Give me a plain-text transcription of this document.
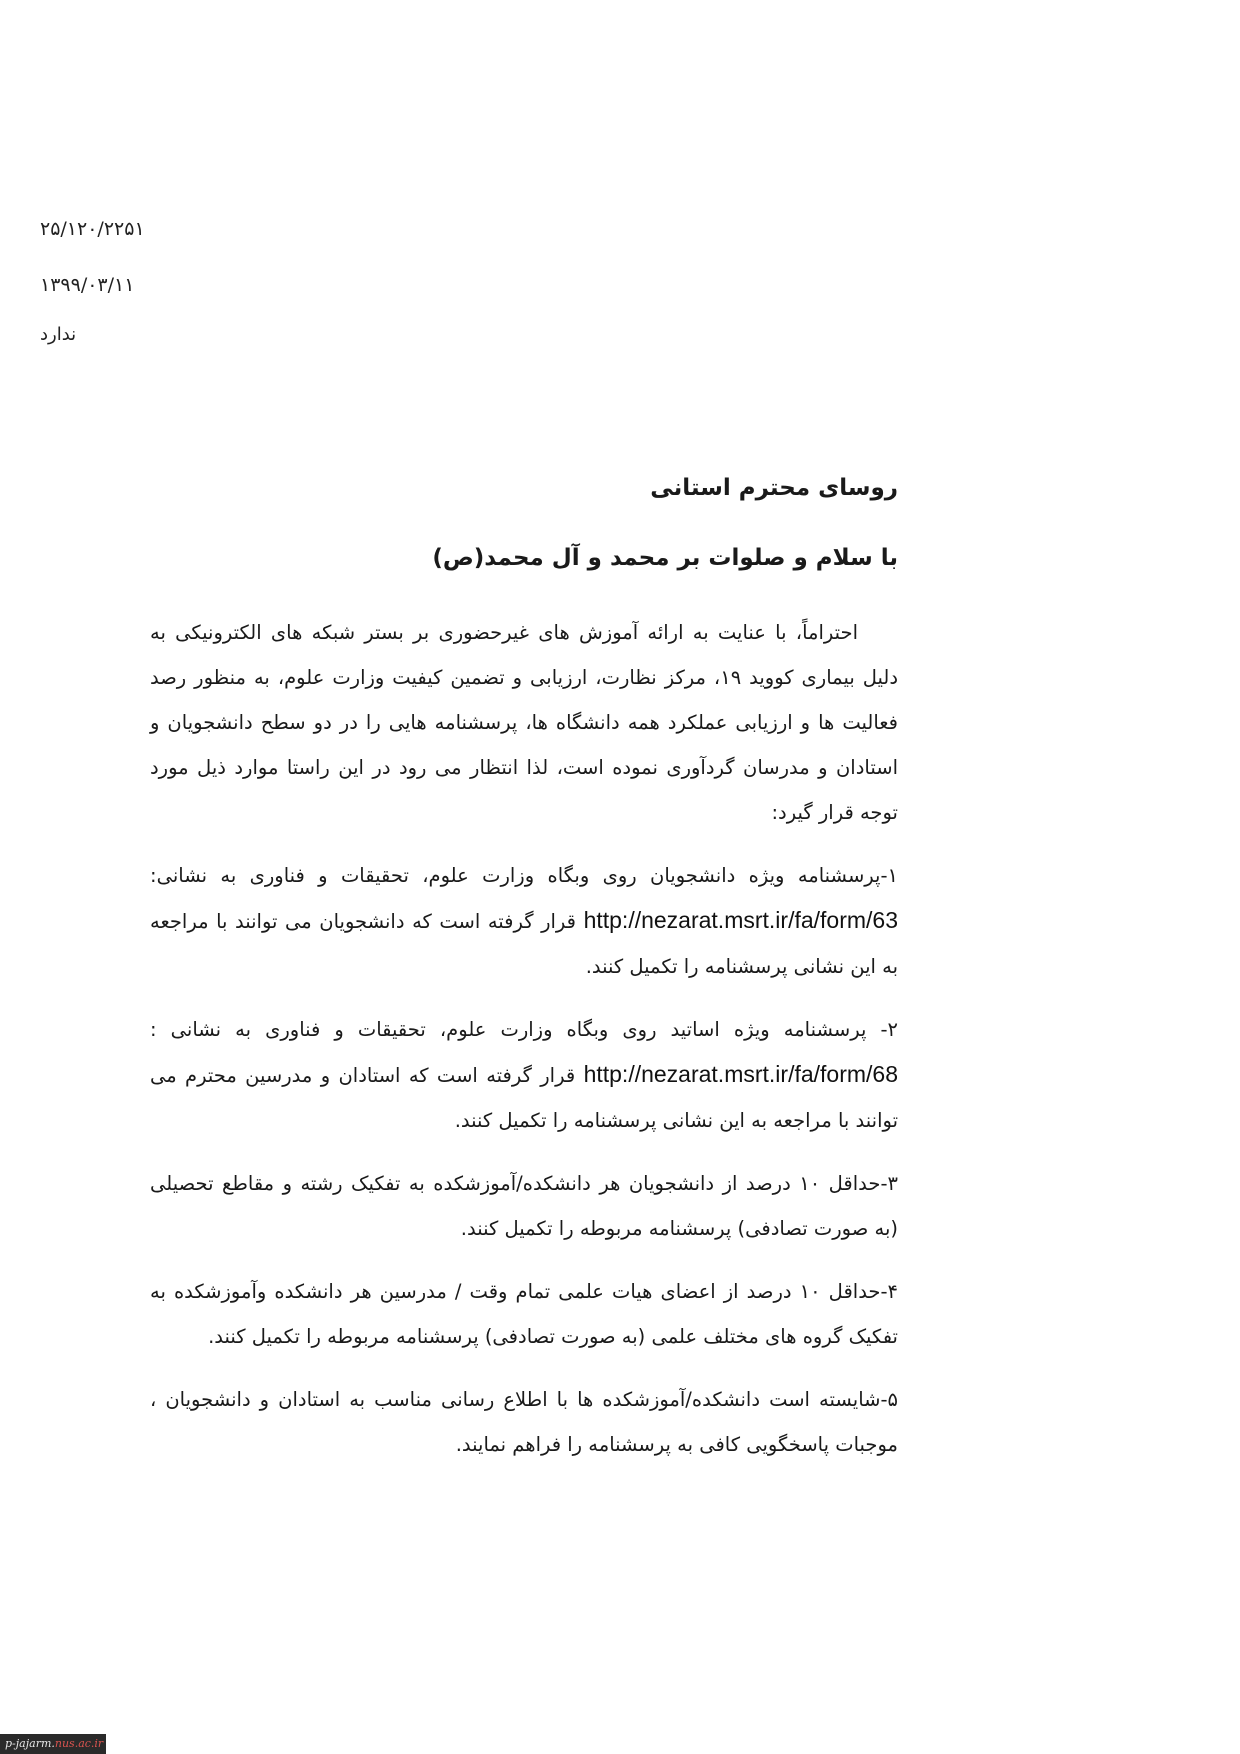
۲۵/۱۲۰/۲۲۵۱
۱۳۹۹/۰۳/۱۱
ندارد
روسای محترم استانی
با سلام و صلوات بر محمد و آل محمد(ص)

احتراماً، با عنایت به ارائه آموزش های غیرحضوری بر بستر شبکه های الکترونیکی به دلیل بیماری کووید ۱۹، مرکز نظارت، ارزیابی و تضمین کیفیت وزارت علوم، به منظور رصد فعالیت ها و ارزیابی عملکرد همه دانشگاه ها، پرسشنامه هایی را در دو سطح دانشجویان و استادان و مدرسان گردآوری نموده است، لذا انتظار می رود در این راستا موارد ذیل مورد توجه قرار گیرد:

۱-پرسشنامه ویژه دانشجویان روی وبگاه وزارت علوم، تحقیقات و فناوری به نشانی: http://nezarat.msrt.ir/fa/form/63 قرار گرفته است که دانشجویان می توانند با مراجعه به این نشانی پرسشنامه را تکمیل کنند.

۲- پرسشنامه ویژه اساتید روی وبگاه وزارت علوم، تحقیقات و فناوری به نشانی : http://nezarat.msrt.ir/fa/form/68 قرار گرفته است که استادان و مدرسین محترم می توانند با مراجعه به این نشانی پرسشنامه را تکمیل کنند.

۳-حداقل ۱۰ درصد از دانشجویان هر دانشکده/آموزشکده به تفکیک رشته و مقاطع تحصیلی (به صورت تصادفی) پرسشنامه مربوطه را تکمیل کنند.

۴-حداقل ۱۰ درصد از اعضای هیات علمی تمام وقت / مدرسین هر دانشکده وآموزشکده به تفکیک گروه های مختلف علمی (به صورت تصادفی) پرسشنامه مربوطه را تکمیل کنند.

۵-شایسته است دانشکده/آموزشکده ها با اطلاع رسانی مناسب به استادان و دانشجویان ، موجبات پاسخگویی کافی به پرسشنامه را فراهم نمایند.

p-jajarm.nus.ac.ir
